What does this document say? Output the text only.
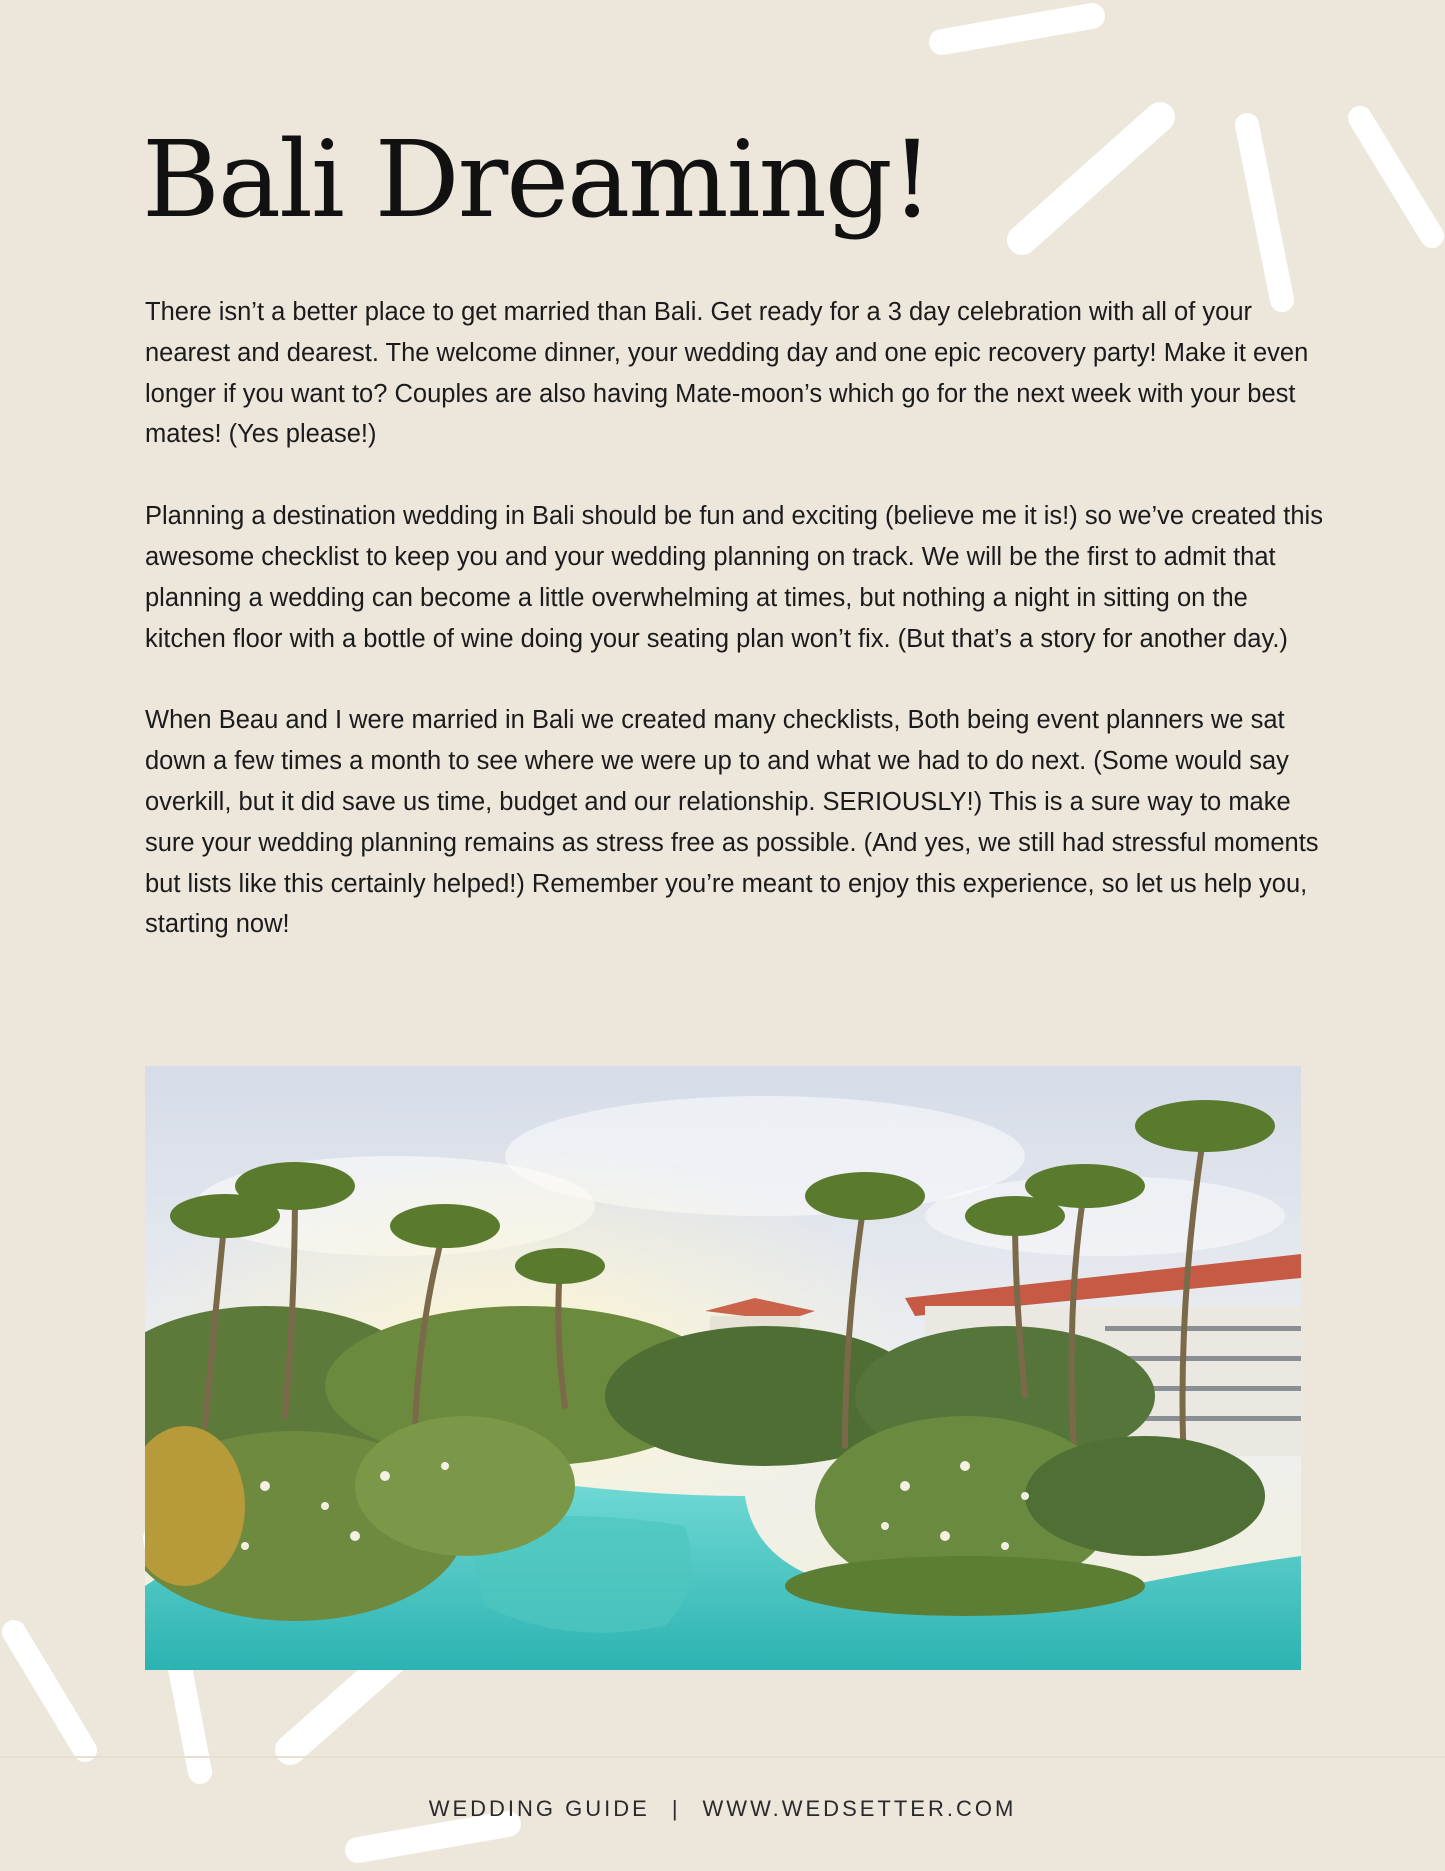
Bali Dreaming!

There isn’t a better place to get married than Bali. Get ready for a 3 day celebration with all of your nearest and dearest. The welcome dinner, your wedding day and one epic recovery party! Make it even longer if you want to? Couples are also having Mate-moon’s which go for the next week with your best mates! (Yes please!)

Planning a destination wedding in Bali should be fun and exciting (believe me it is!) so we’ve created this awesome checklist to keep you and your wedding planning on track. We will be the first to admit that planning a wedding can become a little overwhelming at times, but nothing a night in sitting on the kitchen floor with a bottle of wine doing your seating plan won’t fix. (But that’s a story for another day.)

When Beau and I were married in Bali we created many checklists, Both being event planners we sat down a few times a month to see where we were up to and what we had to do next. (Some would say overkill, but it did save us time, budget and our relationship. SERIOUSLY!) This is a sure way to make sure your wedding planning remains as stress free as possible. (And yes, we still had stressful moments but lists like this certainly helped!) Remember you’re meant to enjoy this experience, so let us help you, starting now!

WEDDING GUIDE | WWW.WEDSETTER.COM
